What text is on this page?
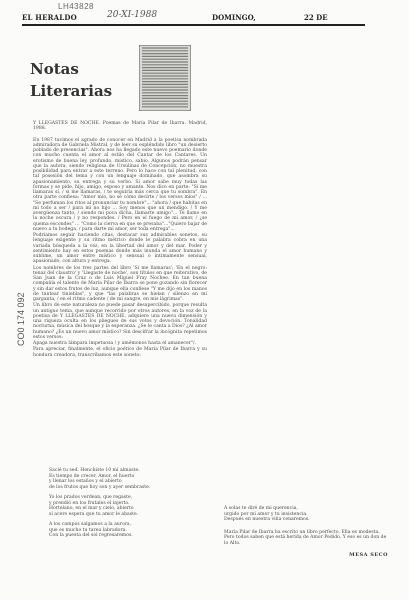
LH43828
EL HERALDO	20-XI-1988	DOMINGO,	22 DE
CO0 174 092
Notas
Literarias

Y LLEGASTES DE NOCHE. Poemas de María Pilar de Ibarra. Madrid, 1988.

En 1987 tuvimos el agrado de conocer en Madrid a la poetisa nombrada admiradora de Gabriela Mistral, y de leer su espléndido libro "un desierto poblado de presencias". Ahora nos ha llegado este nuevo poemario donde con mucho cuenta el amor al estilo del Cantar de los Cantares. Un erotismo de buena ley, profundo, místico, sabio. Algunos podrán pensar que la autora, siendo religiosa de Ursulinas de Concepción, no muestra posibilidad para entrar a este terreno. Pero lo hace con tal plenitud, con tal posesión del tema y con un lenguaje dominado, que asombra su apasionamiento, su entrega y su verbo. Si amor sabe muy todas las formas y se pide, hijo, amigo, esposo y amante. Nos dice en parte: "Si me llamaras sí, / si me llamaras, / te seguiría más cerca que tu sombra". En otra parte confiesa: "Amor mío, no sé cómo decirte / los versos míos" / ... "Se perfuman los ritos al pronunciar tu nombre"... "ahora / que habitas en mi todo a ser / para mí no hijo ... Soy menos que un mendigo. / Y me avergüenza tanto, / siendo mi poca dicha, llamarte amigo"... Te llamo en la noche oscura / y no respondes. / Pero en el fuego de mi amor, / ¿se quema escondes" ... "Como la cierva en que se presaba"..."Quiero bajar de nuevo a tu bodega, / para darte mi amor, ser toda entrega"...

Podríamos seguir haciendo citas, destacar sus admirables sonetos, su lenguaje exigente y su ritmo métrico donde le palabra cobra en una variada búsqueda a la vez, en la libertad del amor y del mar. Poder y sentimiento hay en estos poemas donde más inunda el amor humano y sublime, un amor entre místico y sensual o íntimamente sensual, apasionado, con altura y entrega.

Los nombres de los tres partes del libro 'Si me llamaras'; 'En el negro: tenaz del claustro' y 'Llegaste de noche', son títulos en que reiterativo, de San Juan de la Cruz o de Luis Miguel Fray Nochee. En tan buena compañía el talento de María Pilar de Ibarra se pone gozando sin florecer y sin dar estos frutos de luz, aunque ella confiese "Y me dijo en los manos de tantear tinieblas", y que "las palabras se hielan / silenzo en mi garganta, / en el ritmo cadente / de mi sangre, en mis lágrimas".

Un libro de este naturaleza no puede pasar desapercibido, porque resulta un antiguo tema, que aunque recorrido por otros autores, en la voz de la poetisa de Y LLEGASTES DE NOCHE, adquiere una nueva dimensión y una riqueza oculta en los pliegues de sus votos y devoción. Tonalidad nocturna, música del bosque y la esperanza. ¿Se le canta a Dios? ¿Al amor humano? ¿Es un nuevo amor místico? Sin descifrar la incógnita repetimos estos versos:

Apaga nuestra lámpara impetuosa / y amémonos hasta el amanecer"/.

Para apreciar, finalmente, el oficio poético de María Pilar de Ibarra y su hondura creadora, transcribamos este soneto:

Sacié tu sed. Henchiste 10 mi almaste.
Es tiempo de crecer, Amor, el huerto
y llenar los estaños y el abierto
de los frutos que hoy son y ayer sembraste.
Yo los prados verdean, que regaste,
y prendió en los frutales el injerto.
Hortelano, en el mar y cielo, abierto
si acero espera que tu amor le abaste.
A los campos salgamos a la aurora,
que es mucho tu tarea labradora.
Con la puesta del sol regresaremos.
A solas te diré de mi querencia,
urgido por mi amor y tu insistencia.
Después en nuestra viña cenaremos.
María Pilar de Ibarra ha escrito un libro perfecto. Ella es modesta. Pero todos saben que está herida de Amor Pedido. Y eso es un don de lo Alto.
MESA SECO
